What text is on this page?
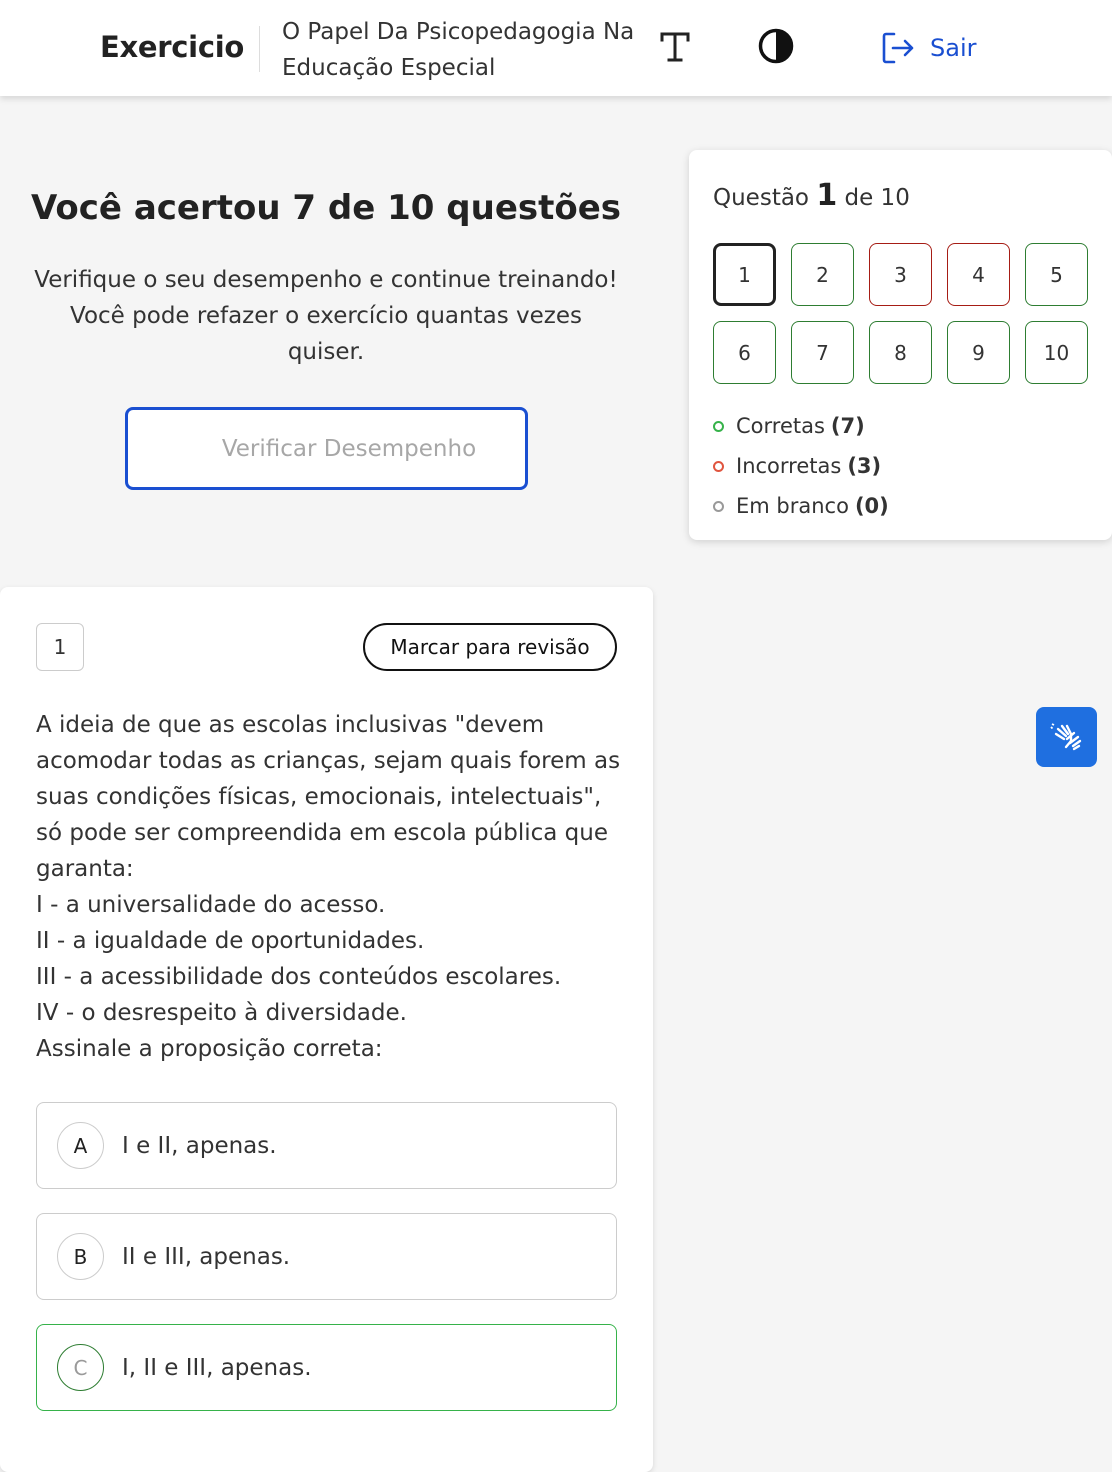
Exercicio O Papel Da Psicopedagogia Na Educação Especial
Sair
Você acertou 7 de 10 questões
Verifique o seu desempenho e continue treinando! Você pode refazer o exercício quantas vezes quiser.
Verificar Desempenho
Questão 1 de 10
1	2	3	4	5
6	7	8	9	10
Corretas (7)
Incorretas (3)
Em branco (0)
1	Marcar para revisão
A ideia de que as escolas inclusivas "devem
acomodar todas as crianças, sejam quais forem as
suas condições físicas, emocionais, intelectuais",
só pode ser compreendida em escola pública que
garanta:
I - a universalidade do acesso.
II - a igualdade de oportunidades.
III - a acessibilidade dos conteúdos escolares.
IV - o desrespeito à diversidade.
Assinale a proposição correta:
A	I e II, apenas.
B	II e III, apenas.
C	I, II e III, apenas.
